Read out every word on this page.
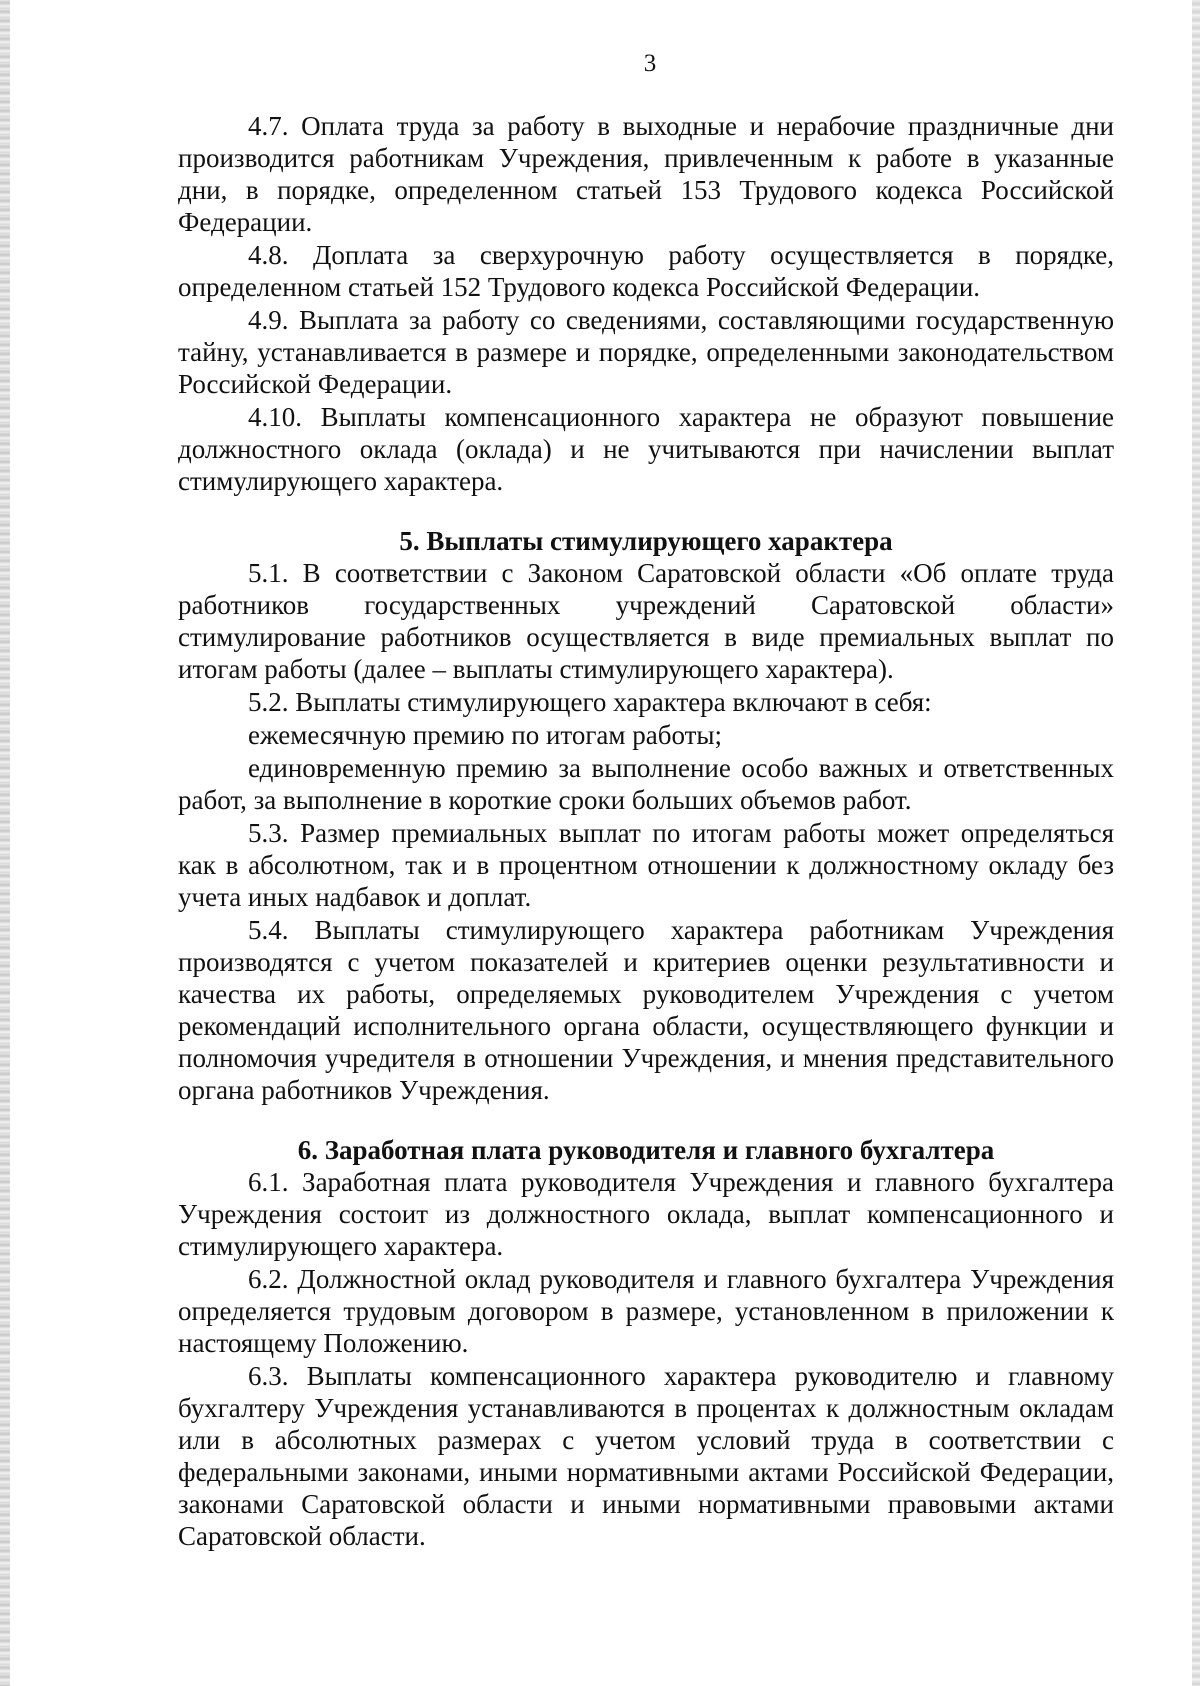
3

4.7. Оплата труда за работу в выходные и нерабочие праздничные дни производится работникам Учреждения, привлеченным к работе в указанные дни, в порядке, определенном статьей 153 Трудового кодекса Российской Федерации.

4.8. Доплата за сверхурочную работу осуществляется в порядке, определенном статьей 152 Трудового кодекса Российской Федерации.

4.9. Выплата за работу со сведениями, составляющими государственную тайну, устанавливается в размере и порядке, определенными законодательством Российской Федерации.

4.10. Выплаты компенсационного характера не образуют повышение должностного оклада (оклада) и не учитываются при начислении выплат стимулирующего характера.

5. Выплаты стимулирующего характера

5.1. В соответствии с Законом Саратовской области «Об оплате труда работников государственных учреждений Саратовской области» стимулирование работников осуществляется в виде премиальных выплат по итогам работы (далее – выплаты стимулирующего характера).

5.2. Выплаты стимулирующего характера включают в себя:

ежемесячную премию по итогам работы;

единовременную премию за выполнение особо важных и ответственных работ, за выполнение в короткие сроки больших объемов работ.

5.3. Размер премиальных выплат по итогам работы может определяться как в абсолютном, так и в процентном отношении к должностному окладу без учета иных надбавок и доплат.

5.4. Выплаты стимулирующего характера работникам Учреждения производятся с учетом показателей и критериев оценки результативности и качества их работы, определяемых руководителем Учреждения с учетом рекомендаций исполнительного органа области, осуществляющего функции и полномочия учредителя в отношении Учреждения, и мнения представительного органа работников Учреждения.

6. Заработная плата руководителя и главного бухгалтера

6.1. Заработная плата руководителя Учреждения и главного бухгалтера Учреждения состоит из должностного оклада, выплат компенсационного и стимулирующего характера.

6.2. Должностной оклад руководителя и главного бухгалтера Учреждения определяется трудовым договором в размере, установленном в приложении к настоящему Положению.

6.3. Выплаты компенсационного характера руководителю и главному бухгалтеру Учреждения устанавливаются в процентах к должностным окладам или в абсолютных размерах с учетом условий труда в соответствии с федеральными законами, иными нормативными актами Российской Федерации, законами Саратовской области и иными нормативными правовыми актами Саратовской области.
